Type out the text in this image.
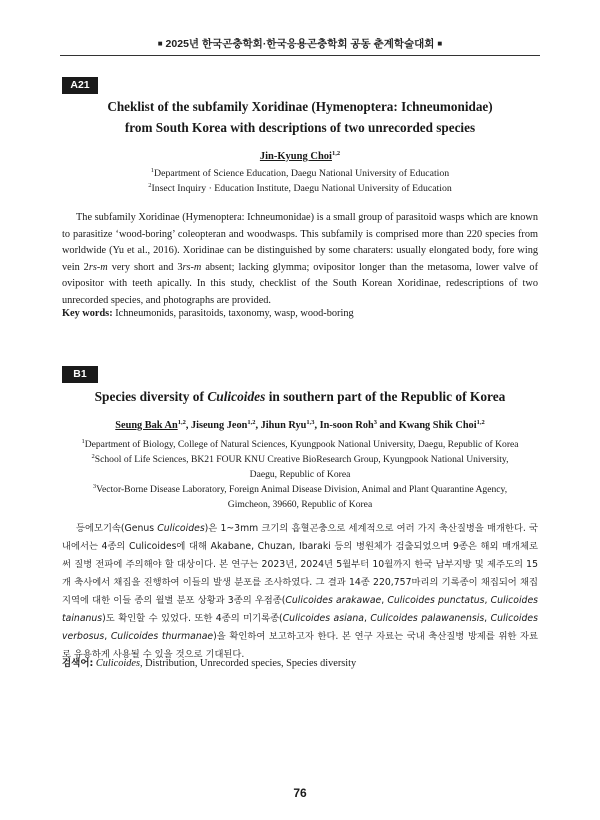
■ 2025년 한국곤충학회·한국응용곤충학회 공동 춘계학술대회 ■
A21
Cheklist of the subfamily Xoridinae (Hymenoptera: Ichneumonidae)
from South Korea with descriptions of two unrecorded species
Jin-Kyung Choi$^{1,2}$
$^1$Department of Science Education, Daegu National University of Education
$^2$Insect Inquiry · Education Institute, Daegu National University of Education

The subfamily Xoridinae (Hymenoptera: Ichneumonidae) is a small group of parasitoid wasps which are known to parasitize ‘wood-boring’ coleopteran and woodwasps. This subfamily is comprised more than 220 species from worldwide (Yu et al., 2016). Xoridinae can be distinguished by some charaters: usually elongated body, fore wing vein 2rs-m very short and 3rs-m absent; lacking glymma; ovipositor longer than the metasoma, lower valve of ovipositor with teeth apically. In this study, checklist of the South Korean Xoridinae, redescriptions of two unrecorded species, and photographs are provided.

Key words: Ichneumonids, parasitoids, taxonomy, wasp, wood-boring
B1
Species diversity of Culicoides in southern part of the Republic of Korea
Seung Bak An$^{1,2}$, Jiseung Jeon$^{1,2}$, Jihun Ryu$^{1,3}$, In-soon Roh$^3$ and Kwang Shik Choi$^{1,2}$
$^1$Department of Biology, College of Natural Sciences, Kyungpook National University, Daegu, Republic of Korea
$^2$School of Life Sciences, BK21 FOUR KNU Creative BioResearch Group, Kyungpook National University,
Daegu, Republic of Korea
$^3$Vector-Borne Disease Laboratory, Foreign Animal Disease Division, Animal and Plant Quarantine Agency,
Gimcheon, 39660, Republic of Korea

등에모기속(Genus Culicoides)은 1~3mm 크기의 흡혈곤충으로 세계적으로 여러 가지 축산질병을 매개한다. 국내에서는 4종의 Culicoides에 대해 Akabane, Chuzan, Ibaraki 등의 병원체가 검출되었으며 9종은 해외 매개체로써 질병 전파에 주의해야 할 대상이다. 본 연구는 2023년, 2024년 5월부터 10월까지 한국 남부지방 및 제주도의 15개 축사에서 채집을 진행하여 이들의 발생 분포를 조사하였다. 그 결과 14종 220,757마리의 기록종이 채집되어 채집 지역에 대한 이들 종의 월별 분포 상황과 3종의 우점종(Culicoides arakawae, Culicoides punctatus, Culicoides tainanus)도 확인할 수 있었다. 또한 4종의 미기록종(Culicoides asiana, Culicoides palawanensis, Culicoides verbosus, Culicoides thurmanae)을 확인하여 보고하고자 한다. 본 연구 자료는 국내 축산질병 방제를 위한 자료로 유용하게 사용될 수 있을 것으로 기대된다.

검색어: Culicoides, Distribution, Unrecorded species, Species diversity
76
